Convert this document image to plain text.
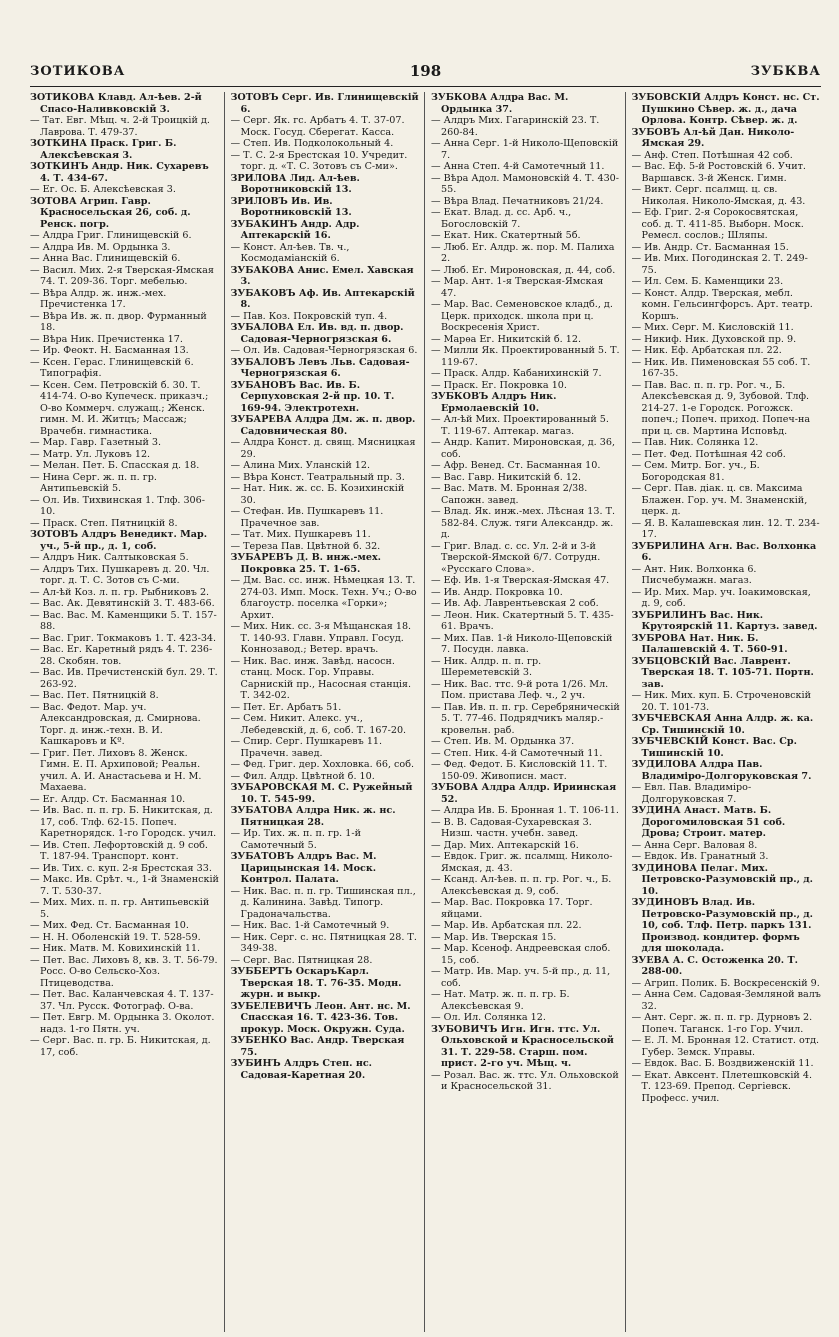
ЗОТИКОВА	198	ЗУБКВА

ЗОТИКОВА Клавд. Ал-ѣев. 2-й Спасо-Наливковскій 3.

— Тат. Евг. Мѣщ. ч. 2-й Троицкій д. Лаврова. Т. 479-37.

ЗОТКИНА Праск. Григ. Б. Алексѣевская 3.

ЗОТКИНЪ Андр. Ник. Сухаревъ 4. Т. 434-67.

— Ег. Ос. Б. Алексѣевская 3.

ЗОТОВА Агрип. Гавр. Красносельская 26, соб. д. Ренск. погр.

— Алдра Григ. Глинищевскій 6.

— Алдра Ив. М. Ордынка 3.

— Анна Вас. Глинищевскій 6.

— Васил. Мих. 2-я Тверская-Ямская 74. Т. 209-36. Торг. мебелью.

— Вѣра Алдр. ж. инж.-мех. Пречистенка 17.

— Вѣра Ив. ж. п. двор. Фурманный 18.

— Вѣра Ник. Пречистенка 17.

— Ир. Феокт. Н. Басманная 13.

— Ксен. Герас. Глинищевскій 6. Типографія.

— Ксен. Сем. Петровскій б. 30. Т. 414-74. О-во Купеческ. приказч.; О-во Коммерч. служащ.; Женск. гимн. М. И. Житцъ; Массаж; Врачебн. гимнастика.

— Мар. Гавр. Газетный 3.

— Матр. Ул. Луковъ 12.

— Мелан. Пет. Б. Спасская д. 18.

— Нина Серг. ж. п. п. гр. Антипьевскій 5.

— Ол. Ив. Тихвинская 1. Тлф. 306-10.

— Праск. Степ. Пятницкій 8.

ЗОТОВЪ Алдръ Венедикт. Мар. уч., 5-й пр., д. 1, соб.

— Алдръ Ник. Салтыковская 5.

— Алдръ Тих. Пушкаревъ д. 20. Чл. торг. д. Т. С. Зотов съ С-ми.

— Ал-ѣй Коз. л. п. гр. Рыбниковъ 2.

— Вас. Ак. Девятинскій 3. Т. 483-66.

— Вас. Вас. М. Каменщики 5. Т. 157-88.

— Вас. Григ. Токмаковъ 1. Т. 423-34.

— Вас. Ег. Каретный рядъ 4. Т. 236-28. Скобян. тов.

— Вас. Ив. Пречистенскій бул. 29. Т. 263-92.

— Вас. Пет. Пятницкій 8.

— Вас. Федот. Мар. уч. Александровская, д. Смирнова. Торг. д. инж.-техн. В. И. Кашкаровъ и Кº.

— Григ. Пет. Лиховъ 8. Женск. Гимн. Е. П. Архиповой; Реальн. учил. А. И. Анастасьева и Н. М. Махаева.

— Ег. Алдр. Ст. Басманная 10.

— Ив. Вас. п. п. гр. Б. Никитская, д. 17, соб. Тлф. 62-15. Попеч. Каретнорядск. 1-го Городск. учил.

— Ив. Степ. Лефортовскій д. 9 соб. Т. 187-94. Транспорт. конт.

— Ив. Тих. с. куп. 2-я Брестская 33.

— Макс. Ив. Срѣт. ч., 1-й Знаменскій 7. Т. 530-37.

— Мих. Мих. п. п. гр. Антипьевскій 5.

— Мих. Фед. Ст. Басманная 10.

— Н. Н. Оболенскій 19. Т. 528-59.

— Ник. Матв. М. Ковихинскій 11.

— Пет. Вас. Лиховъ 8, кв. 3. Т. 56-79. Росс. О-во Сельско-Хоз. Птицеводства.

— Пет. Вас. Каланчевская 4. Т. 137-37. Чл. Русск. Фотограф. О-ва.

— Пет. Евгр. М. Ордынка 3. Околот. надз. 1-го Пятн. уч.

— Серг. Вас. п. гр. Б. Никитская, д. 17, соб.

ЗОТОВЪ Серг. Ив. Глинищевскій 6.

— Серг. Як. гс. Арбатъ 4. Т. 37-07. Моск. Госуд. Сберегат. Касса.

— Степ. Ив. Подколокольный 4.

— Т. С. 2-я Брестская 10. Учредит. торг. д. «Т. С. Зотовъ съ С-ми».

ЗРИЛОВА Лид. Ал-ѣев. Воротниковскій 13.

ЗРИЛОВЪ Ив. Ив. Воротниковскій 13.

ЗУБАКИНЪ Андр. Адр. Аптекарскій 16.

— Конст. Ал-ѣев. Тв. ч., Космодаміанскій 6.

ЗУБАКОВА Анис. Емел. Хавская 3.

ЗУБАКОВЪ Аф. Ив. Аптекарскій 8.

— Пав. Коз. Покровскій туп. 4.

ЗУБАЛОВА Ел. Ив. вд. п. двор. Садовая-Черногрязская 6.

— Ол. Ив. Садовая-Черногрязская 6.

ЗУБАЛОВЪ Левъ Льв. Садовая-Черногрязская 6.

ЗУБАНОВЪ Вас. Ив. Б. Серпуховская 2-й пр. 10. Т. 169-94. Электротехн.

ЗУБАРЕВА Алдра Дм. ж. п. двор. Садовническая 80.

— Алдра Конст. д. свящ. Мясницкая 29.

— Алина Мих. Уланскій 12.

— Вѣра Конст. Театральный пр. 3.

— Нат. Ник. ж. сс. Б. Козихинскій 30.

— Стефан. Ив. Пушкаревъ 11. Прачечное зав.

— Тат. Мих. Пушкаревъ 11.

— Тереза Пав. Цвѣтной б. 32.

ЗУБАРЕВЪ Д. В. инж.-мех. Покровка 25. Т. 1-65.

— Дм. Вас. сс. инж. Нѣмецкая 13. Т. 274-03. Имп. Моск. Техн. Уч.; О-во благоустр. поселка «Горки»; Архит.

— Мих. Ник. сс. 3-я Мѣщанская 18. Т. 140-93. Главн. Управл. Госуд. Коннозавод.; Ветер. врачъ.

— Ник. Вас. инж. Завѣд. насосн. станц. Моск. Гор. Управы. Сарнискій пр., Насосная станція. Т. 342-02.

— Пет. Ег. Арбатъ 51.

— Сем. Никит. Алекс. уч., Лебедевскій, д. 6, соб. Т. 167-20.

— Спир. Серг. Пушкаревъ 11. Прачечн. завед.

— Фед. Григ. дер. Хохловка. 66, соб.

— Фил. Алдр. Цвѣтной б. 10.

ЗУБАРОВСКАЯ М. С. Ружейный 10. Т. 545-99.

ЗУБАТОВА Алдра Ник. ж. нс. Пятницкая 28.

— Ир. Тих. ж. п. п. гр. 1-й Самотечный 5.

ЗУБАТОВЪ Алдръ Вас. М. Царицынская 14. Моск. Контрол. Палата.

— Ник. Вас. п. п. гр. Тишинская пл., д. Калинина. Завѣд. Типогр. Градоначальства.

— Ник. Вас. 1-й Самотечный 9.

— Ник. Серг. с. нс. Пятницкая 28. Т. 349-38.

— Серг. Вас. Пятницкая 28.

ЗУББЕРТЪ ОскаръКарл. Тверская 18. Т. 76-35. Модн. журн. и выкр.

ЗУБЕЛЕВИЧЪ Леон. Ант. нс. М. Спасская 16. Т. 423-36. Тов. прокур. Моск. Окружн. Суда.

ЗУБЕНКО Вас. Андр. Тверская 75.

ЗУБИНЪ Алдръ Степ. нс. Садовая-Каретная 20.

ЗУБКОВА Алдра Вас. М. Ордынка 37.

— Алдръ Мих. Гагаринскій 23. Т. 260-84.

— Анна Серг. 1-й Николо-Щеповскій 7.

— Анна Степ. 4-й Самотечный 11.

— Вѣра Адол. Мамоновскій 4. Т. 430-55.

— Вѣра Влад. Печатниковъ 21/24.

— Екат. Влад. д. сс. Арб. ч., Богословскій 7.

— Екат. Ник. Скатертный 5б.

— Люб. Ег. Алдр. ж. пор. М. Палиха 2.

— Люб. Ег. Мироновская, д. 44, соб.

— Мар. Ант. 1-я Тверская-Ямская 47.

— Мар. Вас. Семеновское кладб., д. Церк. приходск. школа при ц. Воскресенія Христ.

— Марѳа Ег. Никитскій б. 12.

— Милли Як. Проектированный 5. Т. 119-67.

— Праск. Алдр. Кабанихинскій 7.

— Праск. Ег. Покровка 10.

ЗУБКОВЪ Алдръ Ник. Ермолаевскій 10.

— Ал-ѣй Мих. Проектированный 5. Т. 119-67. Аптекар. магаз.

— Андр. Капит. Мироновская, д. 36, соб.

— Афр. Венед. Ст. Басманная 10.

— Вас. Гавр. Никитскій б. 12.

— Вас. Матв. М. Бронная 2/38. Сапожн. завед.

— Влад. Як. инж.-мех. Лѣсная 13. Т. 582-84. Служ. тяги Александр. ж. д.

— Григ. Влад. с. сс. Ул. 2-й и 3-й Тверской-Ямской 6/7. Сотрудн. «Русскаго Слова».

— Еф. Ив. 1-я Тверская-Ямская 47.

— Ив. Андр. Покровка 10.

— Ив. Аф. Лаврентьевская 2 соб.

— Леон. Ник. Скатертный 5. Т. 435-61. Врачъ.

— Мих. Пав. 1-й Николо-Щеповскій 7. Посудн. лавка.

— Ник. Алдр. п. п. гр. Шереметевскій 3.

— Ник. Вас. ттс. 9-й рота 1/26. Мл. Пом. пристава Леф. ч., 2 уч.

— Пав. Ив. п. п. гр. Серебряническій 5. Т. 77-46. Подрядчикъ маляр.-кровельн. раб.

— Степ. Ив. М. Ордынка 37.

— Степ. Ник. 4-й Самотечный 11.

— Фед. Федот. Б. Кисловскій 11. Т. 150-09. Живописн. маст.

ЗУБОВА Алдра Алдр. Ириинская 52.

— Алдра Ив. Б. Бронная 1. Т. 106-11.

— В. В. Садовая-Сухаревская 3. Низш. частн. учебн. завед.

— Дар. Мих. Аптекарскій 16.

— Евдок. Григ. ж. псалмщ. Николо-Ямская, д. 43.

— Ксанд. Ал-ѣев. п. п. гр. Рог. ч., Б. Алексѣевская д. 9, соб.

— Мар. Вас. Покровка 17. Торг. яйцами.

— Мар. Ив. Арбатская пл. 22.

— Мар. Ив. Тверская 15.

— Мар. Ксеноф. Андреевская слоб. 15, соб.

— Матр. Ив. Мар. уч. 5-й пр., д. 11, соб.

— Нат. Матр. ж. п. п. гр. Б. Алексѣевская 9.

— Ол. Ил. Солянка 12.

ЗУБОВИЧЪ Игн. Игн. ттс. Ул. Ольховской и Красносельской 31. Т. 229-58. Старш. пом. прист. 2-го уч. Мѣщ. ч.

— Розал. Вас. ж. ттс. Ул. Ольховской и Красносельской 31.

ЗУБОВСКІЙ Алдръ Конст. нс. Ст. Пушкино Сѣвер. ж. д., дача Орлова. Контр. Сѣвер. ж. д.

ЗУБОВЪ Ал-ѣй Дан. Николо-Ямская 29.

— Анф. Степ. Потѣшная 42 соб.

— Вас. Еф. 5-й Ростовскій 6. Учит. Варшавск. 3-й Женск. Гимн.

— Викт. Серг. псалмщ. ц. св. Николая. Николо-Ямская, д. 43.

— Еф. Григ. 2-я Сорокосвятская, соб. д. Т. 411-85. Выборн. Моск. Ремесл. сослов.; Шляпы.

— Ив. Андр. Ст. Басманная 15.

— Ив. Мих. Погодинская 2. Т. 249-75.

— Ил. Сем. Б. Каменщики 23.

— Конст. Алдр. Тверская, мебл. комн. Гельсингфорсъ. Арт. театр. Коршъ.

— Мих. Серг. М. Кисловскій 11.

— Никиф. Ник. Духовской пр. 9.

— Ник. Еф. Арбатская пл. 22.

— Ник. Ив. Пименовская 55 соб. Т. 167-35.

— Пав. Вас. п. п. гр. Рог. ч., Б. Алексѣевская д. 9, Зубовой. Тлф. 214-27. 1-е Городск. Рогожск. попеч.; Попеч. приход. Попеч-на при ц. св. Мартина Исповѣд.

— Пав. Ник. Солянка 12.

— Пет. Фед. Потѣшная 42 соб.

— Сем. Митр. Бог. уч., Б. Богородская 81.

— Серг. Пав. діак. ц. св. Максима Блажен. Гор. уч. М. Знаменскій, церк. д.

— Я. В. Калашевская лин. 12. Т. 234-17.

ЗУБРИЛИНА Агн. Вас. Волхонка 6.

— Ант. Ник. Волхонка 6. Писчебумажн. магаз.

— Ир. Мих. Мар. уч. Іоакимовская, д. 9, соб.

ЗУБРИЛИНЪ Вас. Ник. Крутоярскій 11. Картуз. завед.

ЗУБРОВА Нат. Ник. Б. Палашевскій 4. Т. 560-91.

ЗУБЦОВСКІЙ Вас. Лаврент. Тверская 18. Т. 105-71. Портн. зав.

— Ник. Мих. куп. Б. Строченовскій 20. Т. 101-73.

ЗУБЧЕВСКАЯ Анна Алдр. ж. ка. Ср. Тишинскій 10.

ЗУБЧЕВСКІЙ Конст. Вас. Ср. Тишинскій 10.

ЗУДИЛОВА Алдра Пав. Владиміро-Долгоруковская 7.

— Евл. Пав. Владиміро-Долгоруковская 7.

ЗУДИНА Анаст. Матв. Б. Дорогомиловская 51 соб. Дрова; Строит. матер.

— Анна Серг. Валовая 8.

— Евдок. Ив. Гранатный 3.

ЗУДИНОВА Пелаг. Мих. Петровско-Разумовскій пр., д. 10.

ЗУДИНОВЪ Влад. Ив. Петровско-Разумовскій пр., д. 10, соб. Тлф. Петр. паркъ 131. Производ. кондитер. формъ для шоколада.

ЗУЕВА А. С. Остоженка 20. Т. 288-00.

— Агрип. Полик. Б. Воскресенскій 9.

— Анна Сем. Садовая-Земляной валъ 32.

— Ант. Серг. ж. п. п. гр. Дурновъ 2. Попеч. Таганск. 1-го Гор. Учил.

— Е. Л. М. Бронная 12. Статист. отд. Губер. Земск. Управы.

— Евдок. Вас. Б. Воздвиженскій 11.

— Екат. Авксент. Плетешковскій 4. Т. 123-69. Препод. Сергіевск. Професс. учил.
